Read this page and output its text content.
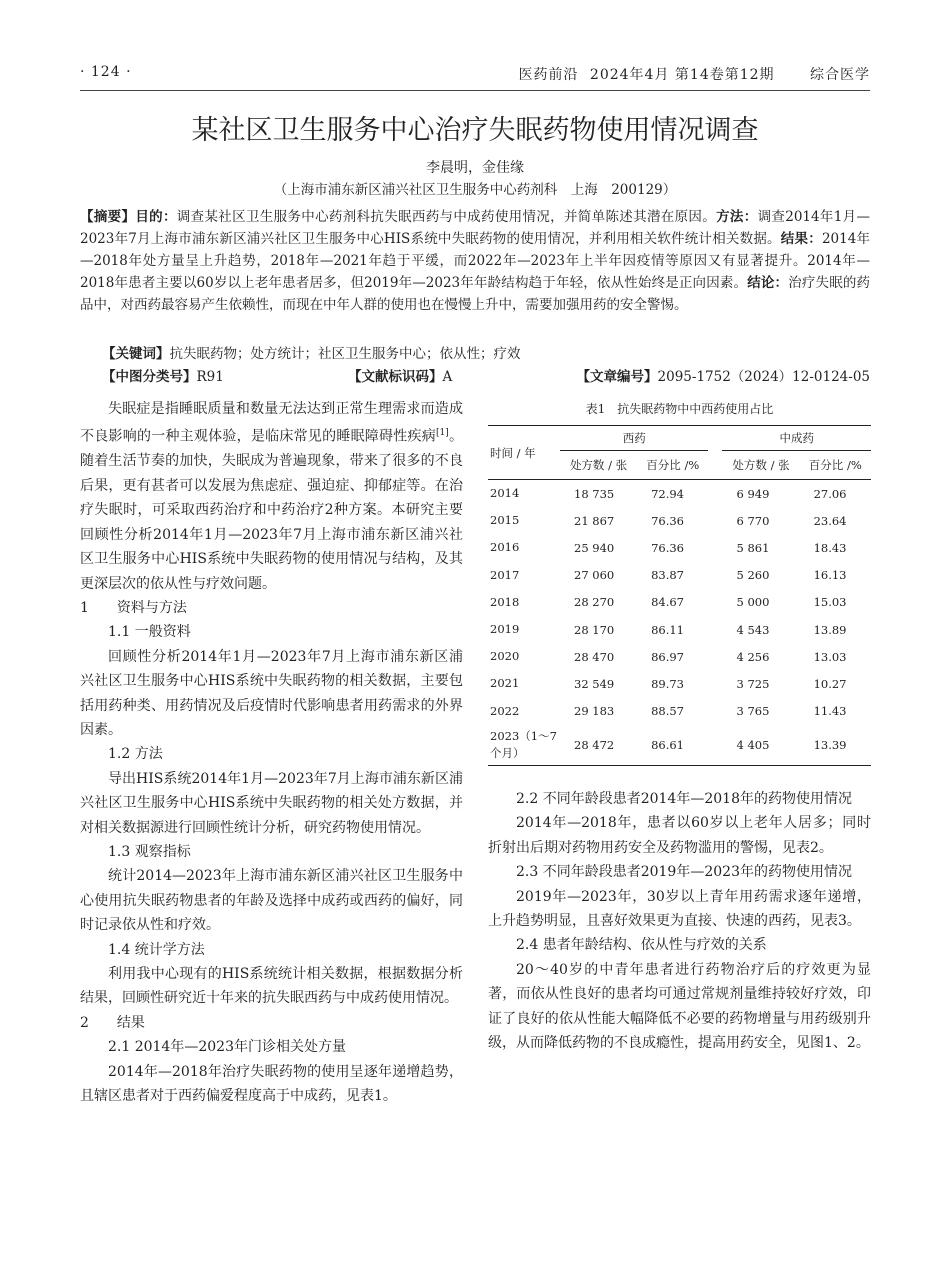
· 124 ·	医药前沿 2024年4月 第14卷第12期	综合医学
某社区卫生服务中心治疗失眠药物使用情况调查
李晨明，金佳缘
（上海市浦东新区浦兴社区卫生服务中心药剂科　上海　200129）
【摘要】目的：调查某社区卫生服务中心药剂科抗失眠西药与中成药使用情况，并简单陈述其潜在原因。方法：调查2014年1月—2023年7月上海市浦东新区浦兴社区卫生服务中心HIS系统中失眠药物的使用情况，并利用相关软件统计相关数据。结果：2014年—2018年处方量呈上升趋势，2018年—2021年趋于平缓，而2022年—2023年上半年因疫情等原因又有显著提升。2014年—2018年患者主要以60岁以上老年患者居多，但2019年—2023年年龄结构趋于年轻，依从性始终是正向因素。结论：治疗失眠的药品中，对西药最容易产生依赖性，而现在中年人群的使用也在慢慢上升中，需要加强用药的安全警惕。
【关键词】抗失眠药物；处方统计；社区卫生服务中心；依从性；疗效
【中图分类号】R91	【文献标识码】A	【文章编号】2095-1752（2024）12-0124-05

失眠症是指睡眠质量和数量无法达到正常生理需求而造成不良影响的一种主观体验，是临床常见的睡眠障碍性疾病[1]。随着生活节奏的加快，失眠成为普遍现象，带来了很多的不良后果，更有甚者可以发展为焦虑症、强迫症、抑郁症等。在治疗失眠时，可采取西药治疗和中药治疗2种方案。本研究主要回顾性分析2014年1月—2023年7月上海市浦东新区浦兴社区卫生服务中心HIS系统中失眠药物的使用情况与结构，及其更深层次的依从性与疗效问题。

1 资料与方法

1.1 一般资料

回顾性分析2014年1月—2023年7月上海市浦东新区浦兴社区卫生服务中心HIS系统中失眠药物的相关数据，主要包括用药种类、用药情况及后疫情时代影响患者用药需求的外界因素。

1.2 方法

导出HIS系统2014年1月—2023年7月上海市浦东新区浦兴社区卫生服务中心HIS系统中失眠药物的相关处方数据，并对相关数据源进行回顾性统计分析，研究药物使用情况。

1.3 观察指标

统计2014—2023年上海市浦东新区浦兴社区卫生服务中心使用抗失眠药物患者的年龄及选择中成药或西药的偏好，同时记录依从性和疗效。

1.4 统计学方法

利用我中心现有的HIS系统统计相关数据，根据数据分析结果，回顾性研究近十年来的抗失眠西药与中成药使用情况。

2 结果

2.1 2014年—2023年门诊相关处方量

2014年—2018年治疗失眠药物的使用呈逐年递增趋势，且辖区患者对于西药偏爱程度高于中成药，见表1。

表1　抗失眠药物中中西药使用占比
时间 / 年	西药			中成药	
	处方数 / 张	百分比 /%		处方数 / 张	百分比 /%
2014	18 735	72.94		6 949	27.06
2015	21 867	76.36		6 770	23.64
2016	25 940	76.36		5 861	18.43
2017	27 060	83.87		5 260	16.13
2018	28 270	84.67		5 000	15.03
2019	28 170	86.11		4 543	13.89
2020	28 470	86.97		4 256	13.03
2021	32 549	89.73		3 725	10.27
2022	29 183	88.57		3 765	11.43
2023（1～7个月）	28 472	86.61		4 405	13.39

2.2 不同年龄段患者2014年—2018年的药物使用情况

2014年—2018年，患者以60岁以上老年人居多；同时折射出后期对药物用药安全及药物滥用的警惕，见表2。

2.3 不同年龄段患者2019年—2023年的药物使用情况

2019年—2023年，30岁以上青年用药需求逐年递增，上升趋势明显，且喜好效果更为直接、快速的西药，见表3。

2.4 患者年龄结构、依从性与疗效的关系

20～40岁的中青年患者进行药物治疗后的疗效更为显著，而依从性良好的患者均可通过常规剂量维持较好疗效，印证了良好的依从性能大幅降低不必要的药物增量与用药级别升级，从而降低药物的不良成瘾性，提高用药安全，见图1、2。
